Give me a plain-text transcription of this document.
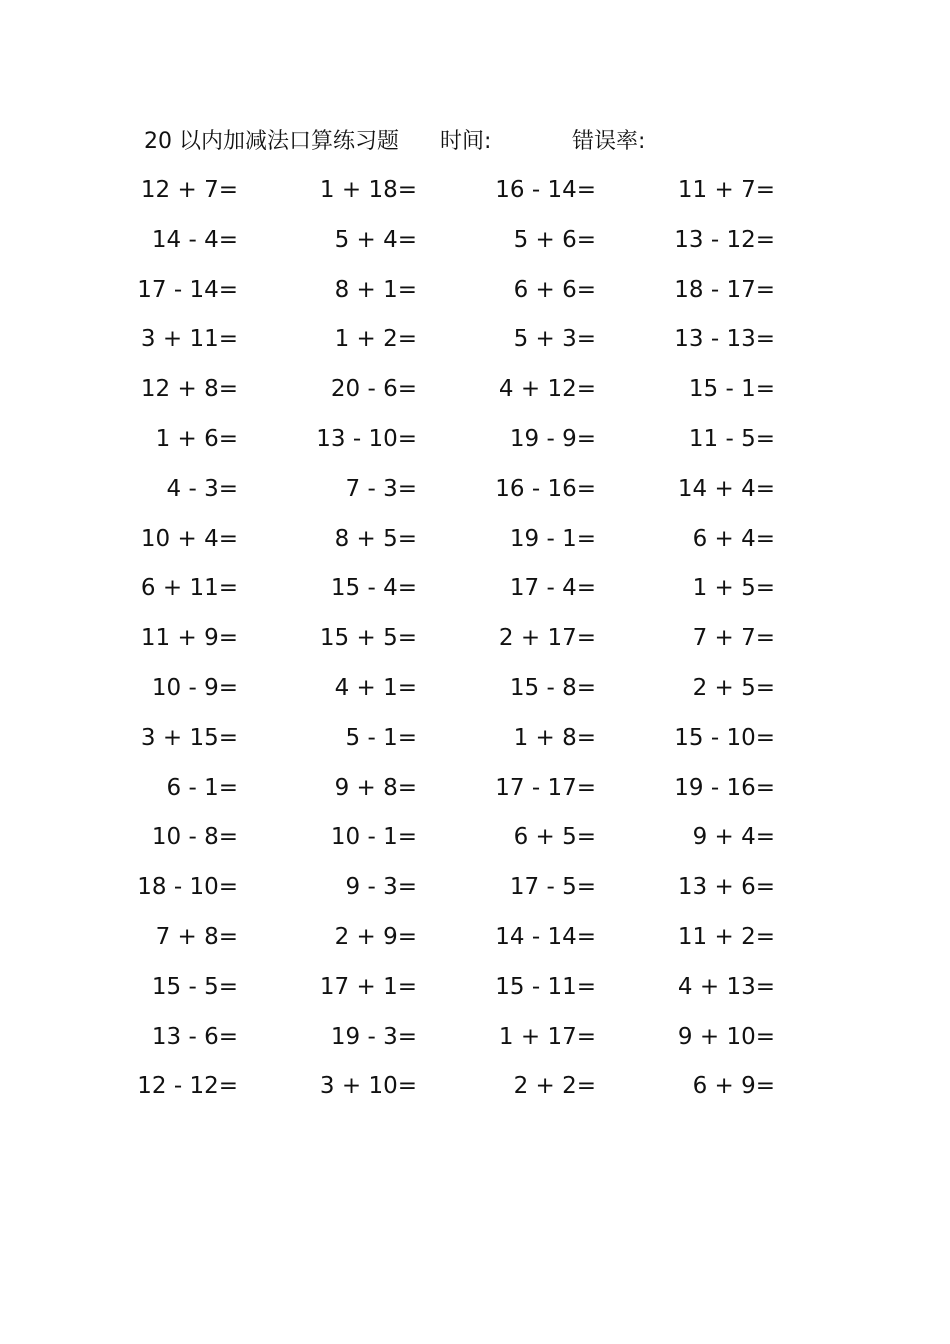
20 以内加减法口算练习题 时间:	错误率:
12 + 7=	1 + 18=	16 - 14=	11 + 7=
14 - 4=	5 + 4=	5 + 6=	13 - 12=
17 - 14=	8 + 1=	6 + 6=	18 - 17=
3 + 11=	1 + 2=	5 + 3=	13 - 13=
12 + 8=	20 - 6=	4 + 12=	15 - 1=
1 + 6=	13 - 10=	19 - 9=	11 - 5=
4 - 3=	7 - 3=	16 - 16=	14 + 4=
10 + 4=	8 + 5=	19 - 1=	6 + 4=
6 + 11=	15 - 4=	17 - 4=	1 + 5=
11 + 9=	15 + 5=	2 + 17=	7 + 7=
10 - 9=	4 + 1=	15 - 8=	2 + 5=
3 + 15=	5 - 1=	1 + 8=	15 - 10=
6 - 1=	9 + 8=	17 - 17=	19 - 16=
10 - 8=	10 - 1=	6 + 5=	9 + 4=
18 - 10=	9 - 3=	17 - 5=	13 + 6=
7 + 8=	2 + 9=	14 - 14=	11 + 2=
15 - 5=	17 + 1=	15 - 11=	4 + 13=
13 - 6=	19 - 3=	1 + 17=	9 + 10=
12 - 12=	3 + 10=	2 + 2=	6 + 9=
